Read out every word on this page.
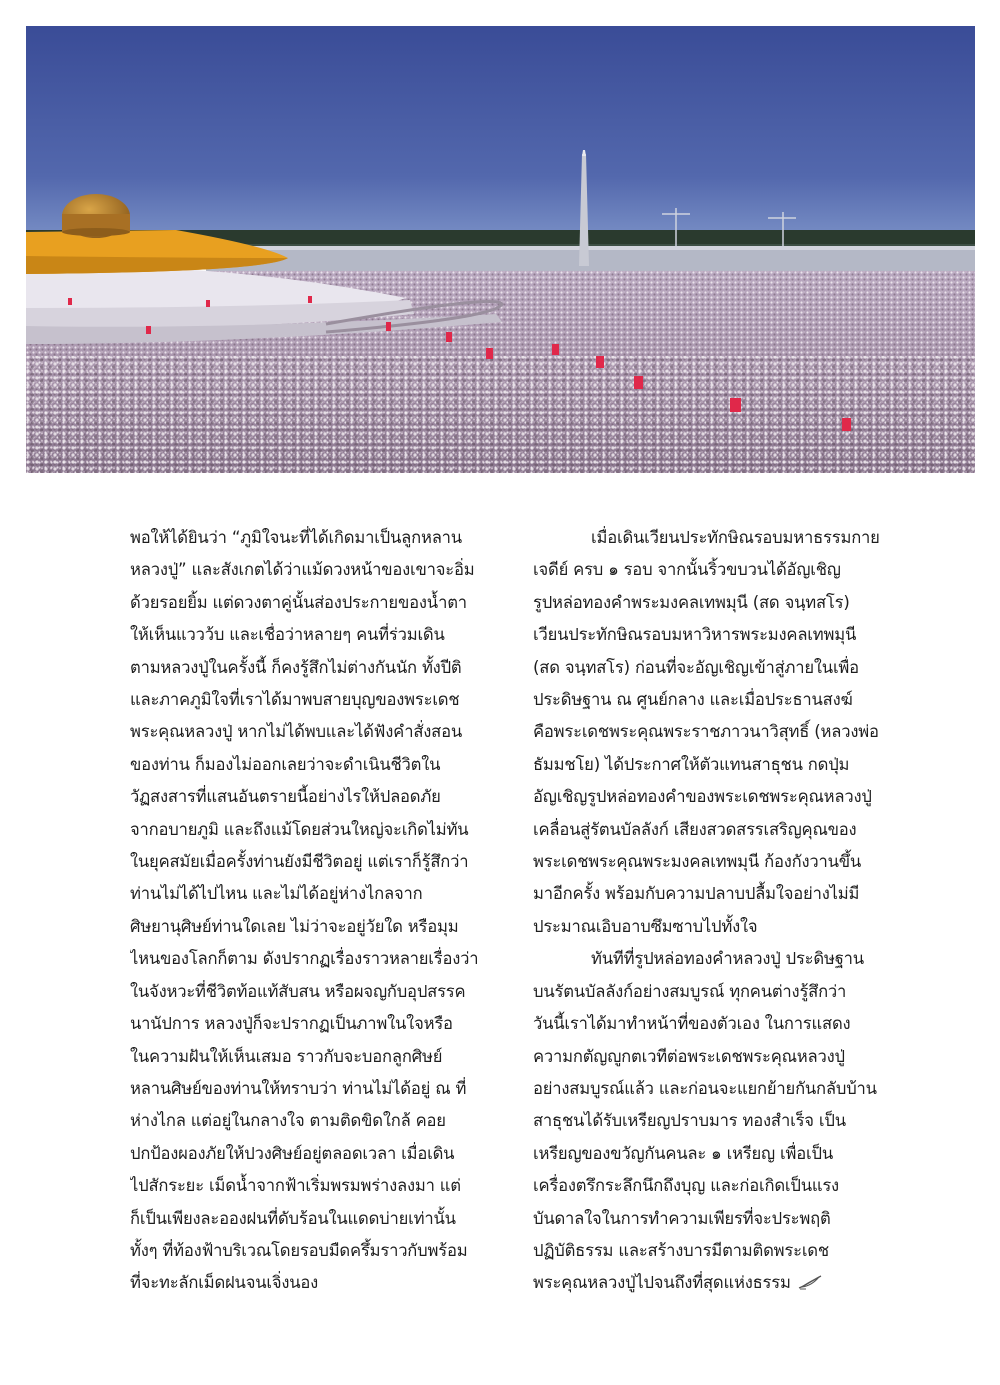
พอให้ได้ยินว่า “ภูมิใจนะที่ได้เกิดมาเป็นลูกหลาน
หลวงปู่” และสังเกตได้ว่าแม้ดวงหน้าของเขาจะอิ่ม
ด้วยรอยยิ้ม แต่ดวงตาคู่นั้นส่องประกายของน้ำตา
ให้เห็นแววว้บ และเชื่อว่าหลายๆ คนที่ร่วมเดิน
ตามหลวงปู่ในครั้งนี้ ก็คงรู้สึกไม่ต่างกันนัก ทั้งปีติ
และภาคภูมิใจที่เราได้มาพบสายบุญของพระเดช
พระคุณหลวงปู่ หากไม่ได้พบและได้ฟังคำสั่งสอน
ของท่าน ก็มองไม่ออกเลยว่าจะดำเนินชีวิตใน
วัฏสงสารที่แสนอันตรายนี้อย่างไรให้ปลอดภัย
จากอบายภูมิ และถึงแม้โดยส่วนใหญ่จะเกิดไม่ทัน
ในยุคสมัยเมื่อครั้งท่านยังมีชีวิตอยู่ แต่เราก็รู้สึกว่า
ท่านไม่ได้ไปไหน และไม่ได้อยู่ห่างไกลจาก
ศิษยานุศิษย์ท่านใดเลย ไม่ว่าจะอยู่วัยใด หรือมุม
ไหนของโลกก็ตาม ดังปรากฏเรื่องราวหลายเรื่องว่า
ในจังหวะที่ชีวิตท้อแท้สับสน หรือผจญกับอุปสรรค
นานัปการ หลวงปู่ก็จะปรากฏเป็นภาพในใจหรือ
ในความฝันให้เห็นเสมอ ราวกับจะบอกลูกศิษย์
หลานศิษย์ของท่านให้ทราบว่า ท่านไม่ได้อยู่ ณ ที่
ห่างไกล แต่อยู่ในกลางใจ ตามติดขิดใกล้ คอย
ปกป้องผองภัยให้ปวงศิษย์อยู่ตลอดเวลา เมื่อเดิน
ไปสักระยะ เม็ดน้ำจากฟ้าเริ่มพรมพร่างลงมา แต่
ก็เป็นเพียงละอองฝนที่ดับร้อนในแดดบ่ายเท่านั้น
ทั้งๆ ที่ท้องฟ้าบริเวณโดยรอบมืดครึ้มราวกับพร้อม
ที่จะทะลักเม็ดฝนจนเจิ่งนอง

เมื่อเดินเวียนประทักษิณรอบมหาธรรมกาย
เจดีย์ ครบ ๑ รอบ จากนั้นริ้วขบวนได้อัญเชิญ
รูปหล่อทองคำพระมงคลเทพมุนี (สด จนฺทสโร)
เวียนประทักษิณรอบมหาวิหารพระมงคลเทพมุนี
(สด จนฺทสโร) ก่อนที่จะอัญเชิญเข้าสู่ภายในเพื่อ
ประดิษฐาน ณ ศูนย์กลาง และเมื่อประธานสงฆ์
คือพระเดชพระคุณพระราชภาวนาวิสุทธิ์ (หลวงพ่อ
ธัมมชโย) ได้ประกาศให้ตัวแทนสาธุชน กดปุ่ม
อัญเชิญรูปหล่อทองคำของพระเดชพระคุณหลวงปู่
เคลื่อนสู่รัตนบัลลังก์ เสียงสวดสรรเสริญคุณของ
พระเดชพระคุณพระมงคลเทพมุนี ก้องกังวานขึ้น
มาอีกครั้ง พร้อมกับความปลาบปลื้มใจอย่างไม่มี
ประมาณเอิบอาบซึมซาบไปทั้งใจ

ทันทีที่รูปหล่อทองคำหลวงปู่ ประดิษฐาน
บนรัตนบัลลังก์อย่างสมบูรณ์ ทุกคนต่างรู้สึกว่า
วันนี้เราได้มาทำหน้าที่ของตัวเอง ในการแสดง
ความกตัญญูกตเวทีต่อพระเดชพระคุณหลวงปู่
อย่างสมบูรณ์แล้ว และก่อนจะแยกย้ายกันกลับบ้าน
สาธุชนได้รับเหรียญปราบมาร ทองสำเร็จ เป็น
เหรียญของขวัญกันคนละ ๑ เหรียญ เพื่อเป็น
เครื่องตรึกระลึกนึกถึงบุญ และก่อเกิดเป็นแรง
บันดาลใจในการทำความเพียรที่จะประพฤติ
ปฏิบัติธรรม และสร้างบารมีตามติดพระเดช
พระคุณหลวงปู่ไปจนถึงที่สุดแห่งธรรม
